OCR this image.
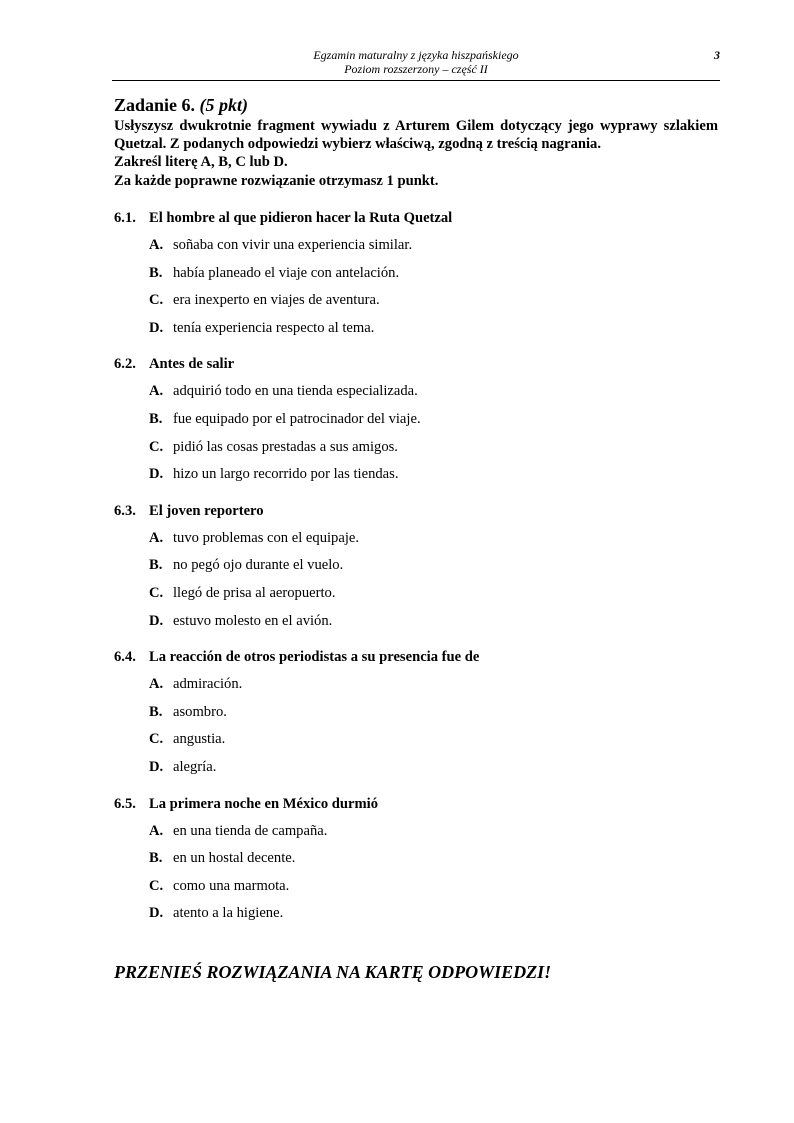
Egzamin maturalny z języka hiszpańskiego
Poziom rozszerzony – część II
3
Zadanie 6. (5 pkt)
Usłyszysz dwukrotnie fragment wywiadu z Arturem Gilem dotyczący jego wyprawy szlakiem Quetzal. Z podanych odpowiedzi wybierz właściwą, zgodną z treścią nagrania.
Zakreśl literę A, B, C lub D.
Za każde poprawne rozwiązanie otrzymasz 1 punkt.
6.1. El hombre al que pidieron hacer la Ruta Quetzal
A. soñaba con vivir una experiencia similar.
B. había planeado el viaje con antelación.
C. era inexperto en viajes de aventura.
D. tenía experiencia respecto al tema.
6.2. Antes de salir
A. adquirió todo en una tienda especializada.
B. fue equipado por el patrocinador del viaje.
C. pidió las cosas prestadas a sus amigos.
D. hizo un largo recorrido por las tiendas.
6.3. El joven reportero
A. tuvo problemas con el equipaje.
B. no pegó ojo durante el vuelo.
C. llegó de prisa al aeropuerto.
D. estuvo molesto en el avión.
6.4. La reacción de otros periodistas a su presencia fue de
A. admiración.
B. asombro.
C. angustia.
D. alegría.
6.5. La primera noche en México durmió
A. en una tienda de campaña.
B. en un hostal decente.
C. como una marmota.
D. atento a la higiene.
PRZENIEŚ ROZWIĄZANIA NA KARTĘ ODPOWIEDZI!
